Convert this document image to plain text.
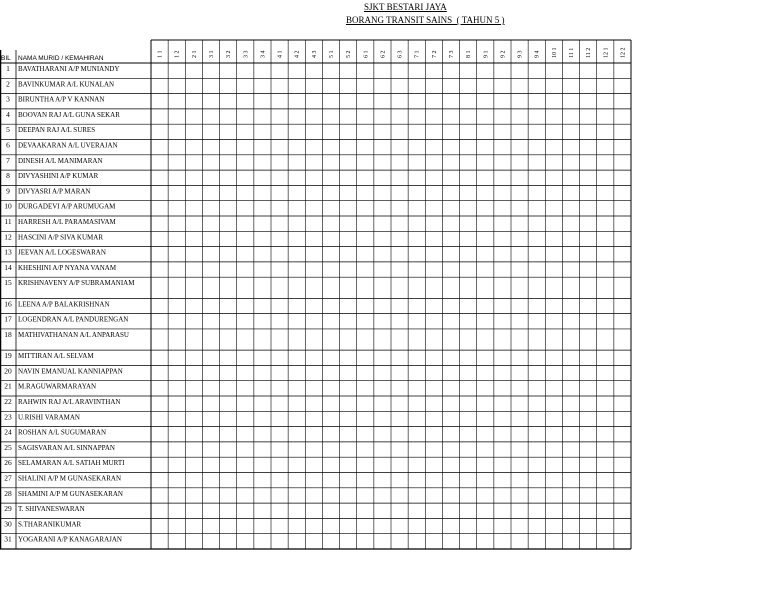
SJKT BESTARI JAYA
BORANG TRANSIT SAINS  ( TAHUN 5 )
BIL NAMA MURID / KEMAHIRAN
1 1 1 2 2 1 3 1 3 2 3 3 3 4 4 1 4 2 4 3 5 1 5 2 6 1 6 2 6 3 7 1 7 2 7 3 8 1 9 1 9 2 9 3 9 4 10 1 11 1 11 2 12 1 12 2
1 BAVATHARANI A/P MUNIANDY
2 BAVINKUMAR A/L KUNALAN
3 BIRUNTHA A/P V KANNAN
4 BOOVAN RAJ A/L GUNA SEKAR
5 DEEPAN RAJ A/L SURES
6 DEVAAKARAN A/L UVERAJAN
7 DINESH A/L MANIMARAN
8 DIVYASHINI A/P KUMAR
9 DIVYASRI A/P MARAN
10 DURGADEVI A/P ARUMUGAM
11 HARRESH A/L PARAMASIVAM
12 HASCINI A/P SIVA KUMAR
13 JEEVAN A/L LOGESWARAN
14 KHESHINI A/P NYANA VANAM
15 KRISHNAVENY A/P SUBRAMANIAM
16 LEENA A/P BALAKRISHNAN
17 LOGENDRAN A/L PANDURENGAN
18 MATHIVATHANAN A/L ANPARASU
19 MITTIRAN A/L SELVAM
20 NAVIN EMANUAL KANNIAPPAN
21 M.RAGUWARMARAYAN
22 RAHWIN RAJ A/L ARAVINTHAN
23 U.RISHI VARAMAN
24 ROSHAN A/L SUGUMARAN
25 SAGISVARAN A/L SINNAPPAN
26 SELAMARAN A/L SATIAH MURTI
27 SHALINI A/P M GUNASEKARAN
28 SHAMINI A/P M GUNASEKARAN
29 T. SHIVANESWARAN
30 S.THARANIKUMAR
31 YOGARANI A/P KANAGARAJAN
